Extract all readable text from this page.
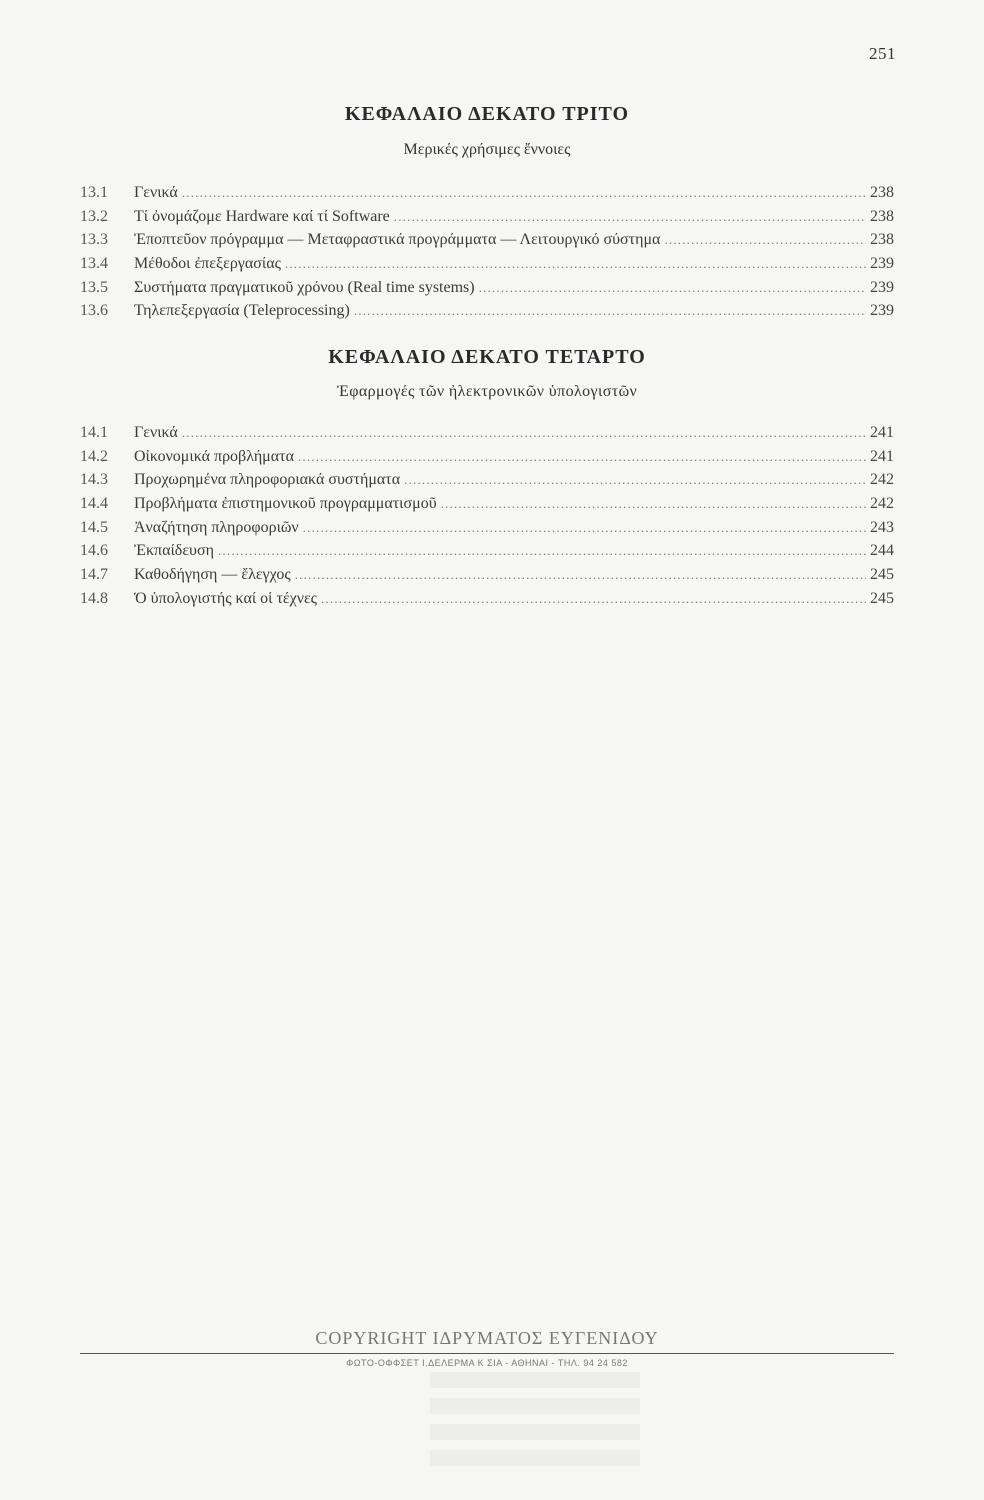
251
ΚΕΦΑΛΑΙΟ ΔΕΚΑΤΟ ΤΡΙΤΟ
Μερικές χρήσιμες ἔννοιες
13.1	Γενικά .....	238
13.2	Τί ὀνομάζομε Hardware καί τί Software .....	238
13.3	Ἐποπτεῦον πρόγραμμα — Μεταφραστικά προγράμματα — Λειτουργικό σύστημα .....	238
13.4	Μέθοδοι ἐπεξεργασίας .....	239
13.5	Συστήματα πραγματικοῦ χρόνου (Real time systems) .....	239
13.6	Τηλεπεξεργασία (Teleprocessing) .....	239
ΚΕΦΑΛΑΙΟ ΔΕΚΑΤΟ ΤΕΤΑΡΤΟ
Ἐφαρμογές τῶν ἠλεκτρονικῶν ὑπολογιστῶν
14.1	Γενικά .....	241
14.2	Οἰκονομικά προβλήματα .....	241
14.3	Προχωρημένα πληροφοριακά συστήματα .....	242
14.4	Προβλήματα ἐπιστημονικοῦ προγραμματισμοῦ .....	242
14.5	Ἀναζήτηση πληροφοριῶν .....	243
14.6	Ἐκπαίδευση .....	244
14.7	Καθοδήγηση — ἔλεγχος .....	245
14.8	Ὁ ὑπολογιστής καί οἱ τέχνες .....	245
COPYRIGHT ΙΔΡΥΜΑΤΟΣ ΕΥΓΕΝΙΔΟΥ
ΦΩΤΟ-ΟΦΦΣΕΤ Ι.ΔΕΛΕΡΜΑ Κ ΣΙΑ - ΑΘΗΝΑΙ - ΤΗΛ. 94 24 582
